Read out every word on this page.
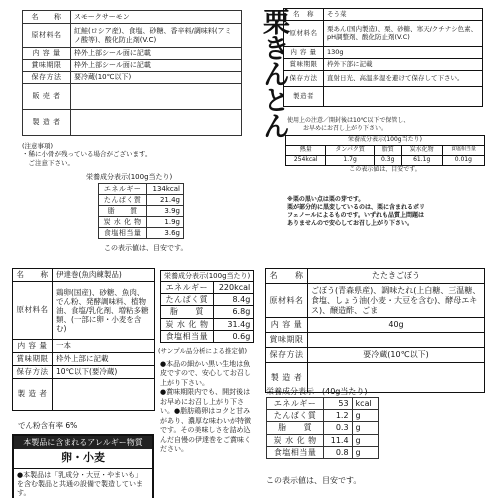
名　　称	スモークサーモン
原材料名	紅鮭(ロシア産)、食塩、砂糖、香辛料/調味料(アミノ酸等)、酸化防止剤(V.C)
内 容 量	枠外上部シール面に記載
賞味期限	枠外上部シール面に記載
保存方法	要冷蔵(10℃以下)
販 売 者	
製 造 者	
(注意事項)
・稀に小骨が残っている場合がございます。
　ご注意下さい。
栄養成分表示(100g当たり)
エネルギー	134kcal
たんぱく質	21.4g
脂　　質	3.9g
炭 水 化 物	1.9g
食塩相当量	3.6g
この表示値は、目安です。
栗きんとん 名　称	そう菜
原材料名	栗あん(国内製造)、栗、砂糖、寒天/クチナシ色素、pH調整剤、酸化防止剤(V.C)
内 容 量	130g
賞味期限	枠外下部に記載
保存方法	直射日光、高温多湿を避けて保存して下さい。
製造者	
使用上の注意／開封後は10℃以下で保管し、
お早めにお召し上がり下さい。
栄養成分表示(100g当たり)				
熱量	タンパク質	脂質	炭水化物	食塩相当量
254kcal	1.7g	0.3g	61.1g	0.01g
この表示値は、目安です。				
※栗の黒い点は栗の芽です。
栗が部分的に黒変しているのは、栗に含まれるポリ
フェノールによるものです。いずれも品質上問題は
ありませんので安心してお召し上がり下さい。
名　　称	伊達巻(魚肉練製品)
原材料名	鶏卵(国産)、砂糖、魚肉、でん粉、発酵調味料、植物油、食塩/乳化剤、増粘多糖類、(一部に卵・小麦を含む)
内 容 量	一本
賞味期限	枠外上部に記載
保存方法	10℃以下(要冷蔵)
製 造 者	
でん粉含有率 6%
本製品に含まれるアレルギー物質
卵・小麦
●本製品は「乳成分・大豆・やまいも」を含む製品と共通の設備で製造しています。
栄養成分表示(100g当たり)	
エネルギー	220kcal
たんぱく質	8.4g
脂　　質	6.8g
炭 水 化 物	31.4g
食塩相当量	0.6g
(サンプル品分析による推定値)
●本品の細かい黒い生地は魚皮ですので、安心してお召し上がり下さい。
●賞味期限内でも、開封後はお早めにお召し上がり下さい。●脂肪鶏卵はコクと甘みがあり、濃厚な味わいが特徴です。その美味しさを詰め込んだ自慢の伊達巻をご賞味ください。
名　　称	たたきごぼう
原材料名	ごぼう(青森県産)、調味たれ(上白糖、三温糖、食塩、しょう油(小麦・大豆を含む)、酵母エキス)、醸造酢、ごま
内 容 量	40g
賞味期限	
保存方法	要冷蔵(10℃以下)
製 造 者	
栄養成分表示　(40g当たり)
エネルギー	53	kcal
たんぱく質	1.2	g
脂　　質	0.3	g
炭 水 化 物	11.4	g
食塩相当量	0.8	g
この表示値は、目安です。
